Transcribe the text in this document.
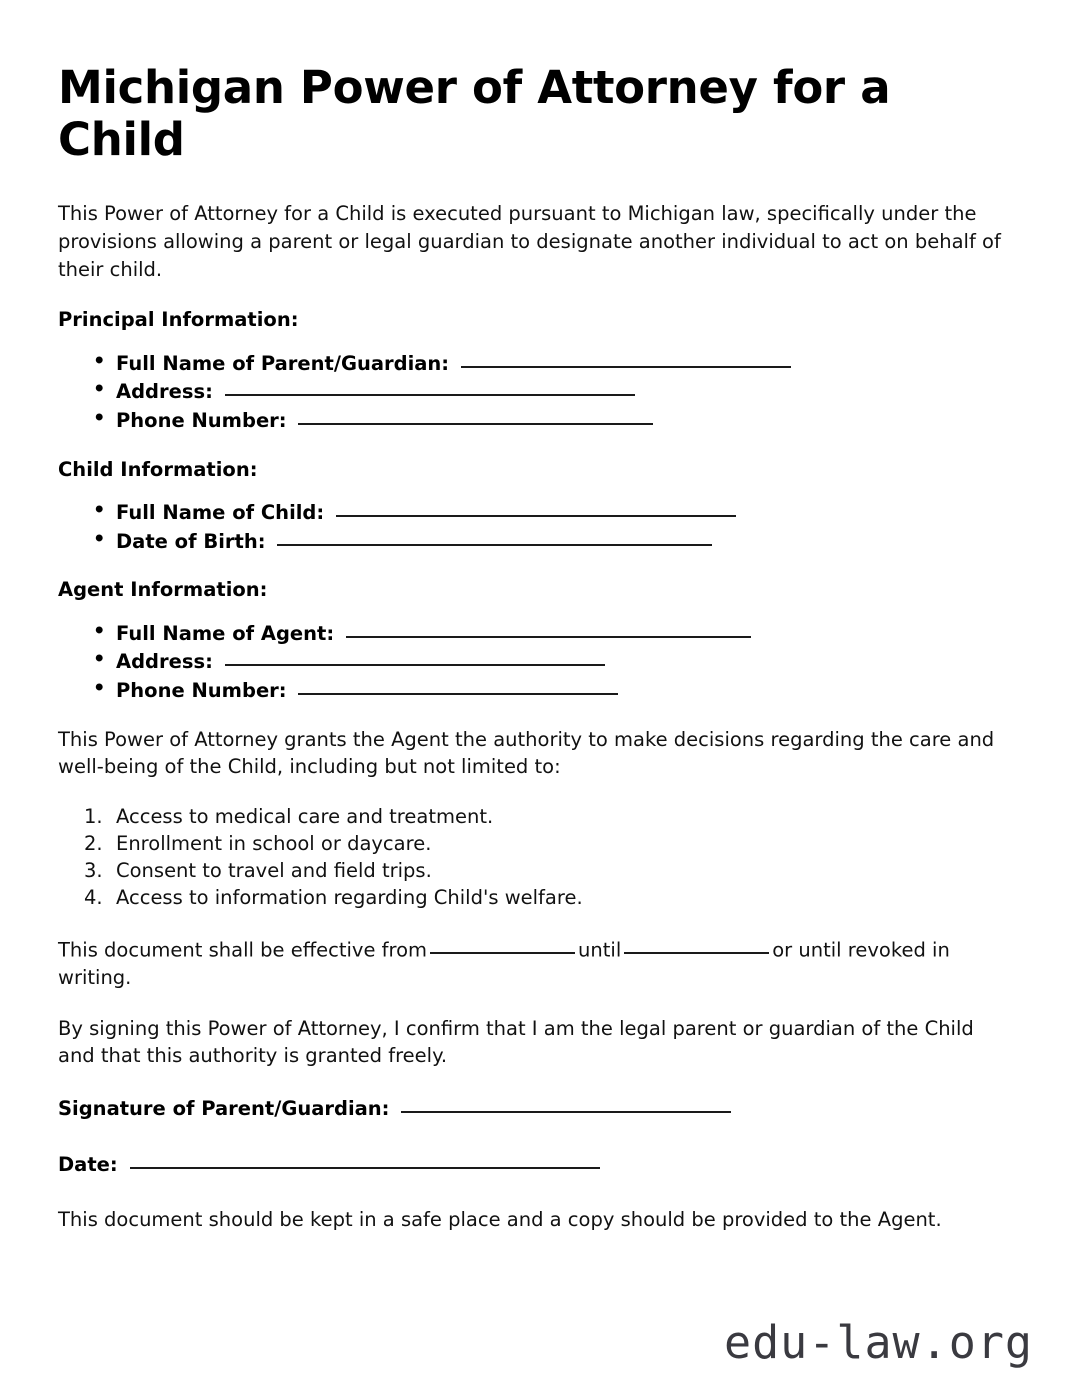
Michigan Power of Attorney for a Child

This Power of Attorney for a Child is executed pursuant to Michigan law, specifically under the provisions allowing a parent or legal guardian to designate another individual to act on behalf of their child.

Principal Information:
• Full Name of Parent/Guardian:
• Address:
• Phone Number:
Child Information:
• Full Name of Child:
• Date of Birth:
Agent Information:
• Full Name of Agent:
• Address:
• Phone Number:

This Power of Attorney grants the Agent the authority to make decisions regarding the care and well-being of the Child, including but not limited to:

Access to medical care and treatment.
Enrollment in school or daycare.
Consent to travel and field trips.
Access to information regarding Child's welfare.

This document shall be effective from	until	or until revoked in writing.

By signing this Power of Attorney, I confirm that I am the legal parent or guardian of the Child and that this authority is granted freely.

Signature of Parent/Guardian:
Date:

This document should be kept in a safe place and a copy should be provided to the Agent.

edu-law.org
